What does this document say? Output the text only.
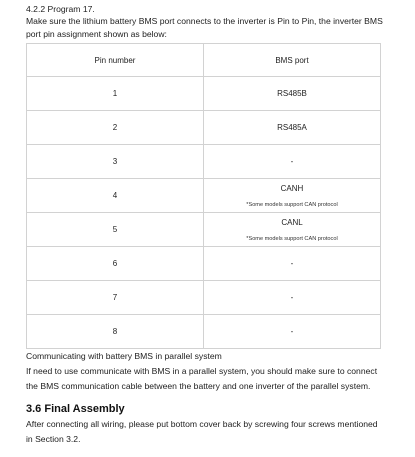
4.2.2 Program 17.
Make sure the lithium battery BMS port connects to the inverter is Pin to Pin, the inverter BMS
port pin assignment shown as below:
Pin number	BMS port
1	RS485B
2	RS485A
3	-
4	CANH
*Some models support CAN protocol

5	CANL
*Some models support CAN protocol

6	-
7	-
8	-
Communicating with battery BMS in parallel system
If need to use communicate with BMS in a parallel system, you should make sure to connect
the BMS communication cable between the battery and one inverter of the parallel system.
3.6 Final Assembly
After connecting all wiring, please put bottom cover back by screwing four screws mentioned
in Section 3.2.
